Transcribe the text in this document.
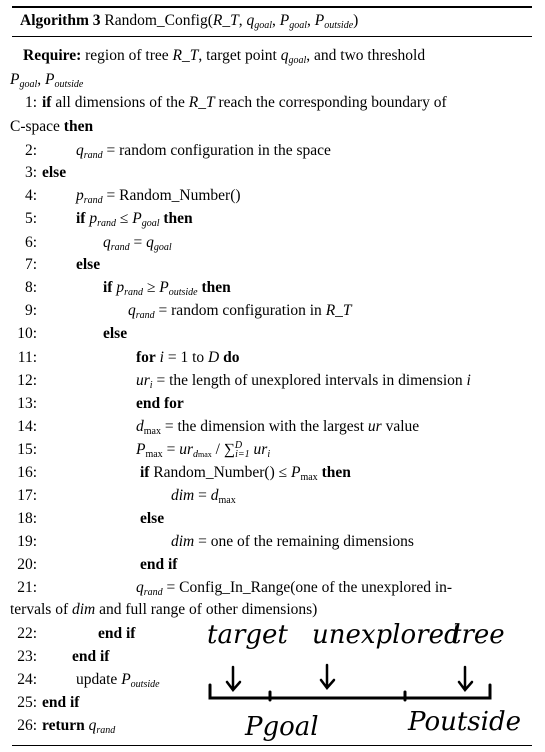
Algorithm 3 Random_Config(R_T, $q_{goal}$, $P_{goal}$, $P_{outside}$)
Require: region of tree R_T, target point $q_{goal}$, and two threshold
$P_{goal}$, $P_{outside}$
1: if all dimensions of the R_T reach the corresponding boundary of
C-space then
2:	$q_{rand}$ = random configuration in the space
3: else
4:	$p_{rand}$ = Random_Number()
5:	if $p_{rand} \le P_{goal}$ then
6:	$q_{rand} = q_{goal}$
7:	else
8:	if $p_{rand} \ge P_{outside}$ then
9:	$q_{rand}$ = random configuration in R_T
10:	else
11:	for i = 1 to D do
12:	$ur_i$ = the length of unexplored intervals in dimension i
13:	end for
14:	$d_{max}$ = the dimension with the largest ur value
15:	$P_{max} = ur_{dmax} / \sum^D_{i=1}$ $ur_i$
16:	if Random_Number() ≤ $P_{max}$ then
17:	dim = $d_{max}$
18:	else
19:	dim = one of the remaining dimensions
20:	end if
21:	$q_{rand}$ = Config_In_Range(one of the unexplored in-
tervals of dim and full range of other dimensions)
22:	end if
23: end if
24:	update $P_{outside}$
25: end if
26: return $q_{rand}$
target unexplored
tree
Pgoal	Poutside
